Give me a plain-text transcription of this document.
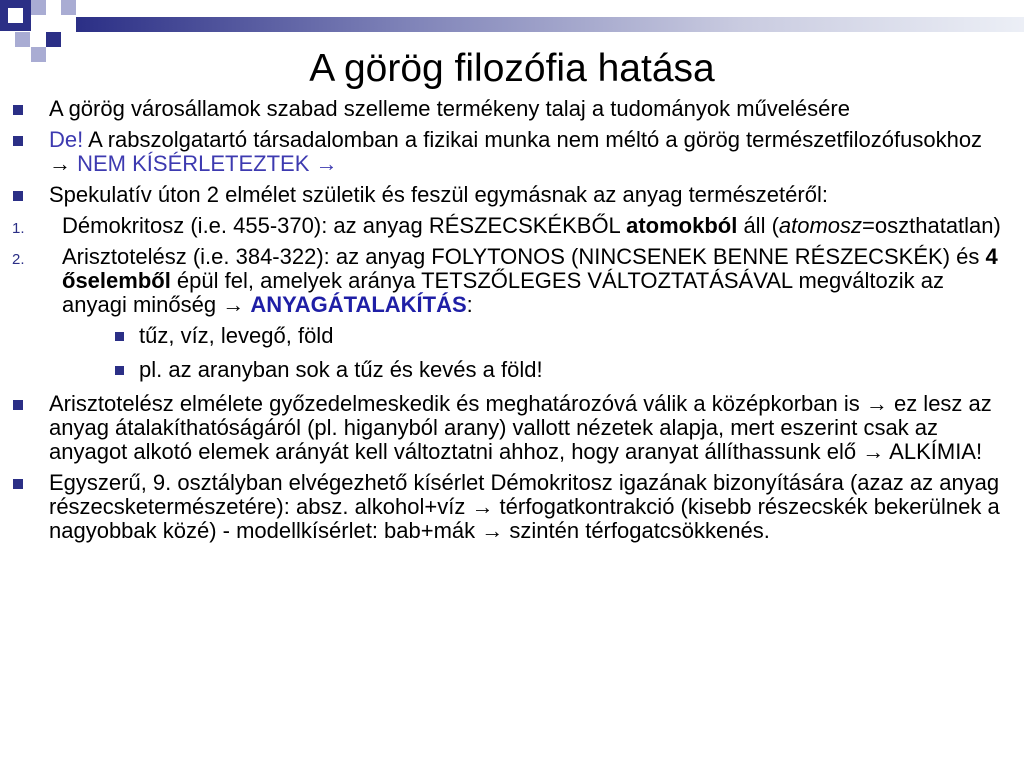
A görög filozófia hatása
A görög városállamok szabad szelleme termékeny talaj a tudományok művelésére
De! A rabszolgatartó társadalomban a fizikai munka nem méltó a görög természetfilozófusokhoz → NEM KÍSÉRLETEZTEK →
Spekulatív úton 2 elmélet születik és feszül egymásnak az anyag természetéről:
1. Démokritosz (i.e. 455-370): az anyag RÉSZECSKÉKBŐL atomokból áll (atomosz=oszthatatlan)
2. Arisztotelész (i.e. 384-322): az anyag FOLYTONOS (NINCSENEK BENNE RÉSZECSKÉK) és 4 őselemből épül fel, amelyek aránya TETSZŐLEGES VÁLTOZTATÁSÁVAL megváltozik az anyagi minőség → ANYAGÁTALAKÍTÁS:
tűz, víz, levegő, föld
pl. az aranyban sok a tűz és kevés a föld!
Arisztotelész elmélete győzedelmeskedik és meghatározóvá válik a középkorban is → ez lesz az anyag átalakíthatóságáról (pl. higanyból arany) vallott nézetek alapja, mert eszerint csak az anyagot alkotó elemek arányát kell változtatni ahhoz, hogy aranyat állíthassunk elő → ALKÍMIA!
Egyszerű, 9. osztályban elvégezhető kísérlet Démokritosz igazának bizonyítására (azaz az anyag részecsketermészetére): absz. alkohol+víz → térfogatkontrakció (kisebb részecskék bekerülnek a nagyobbak közé) - modellkísérlet: bab+mák → szintén térfogatcsökkenés.
